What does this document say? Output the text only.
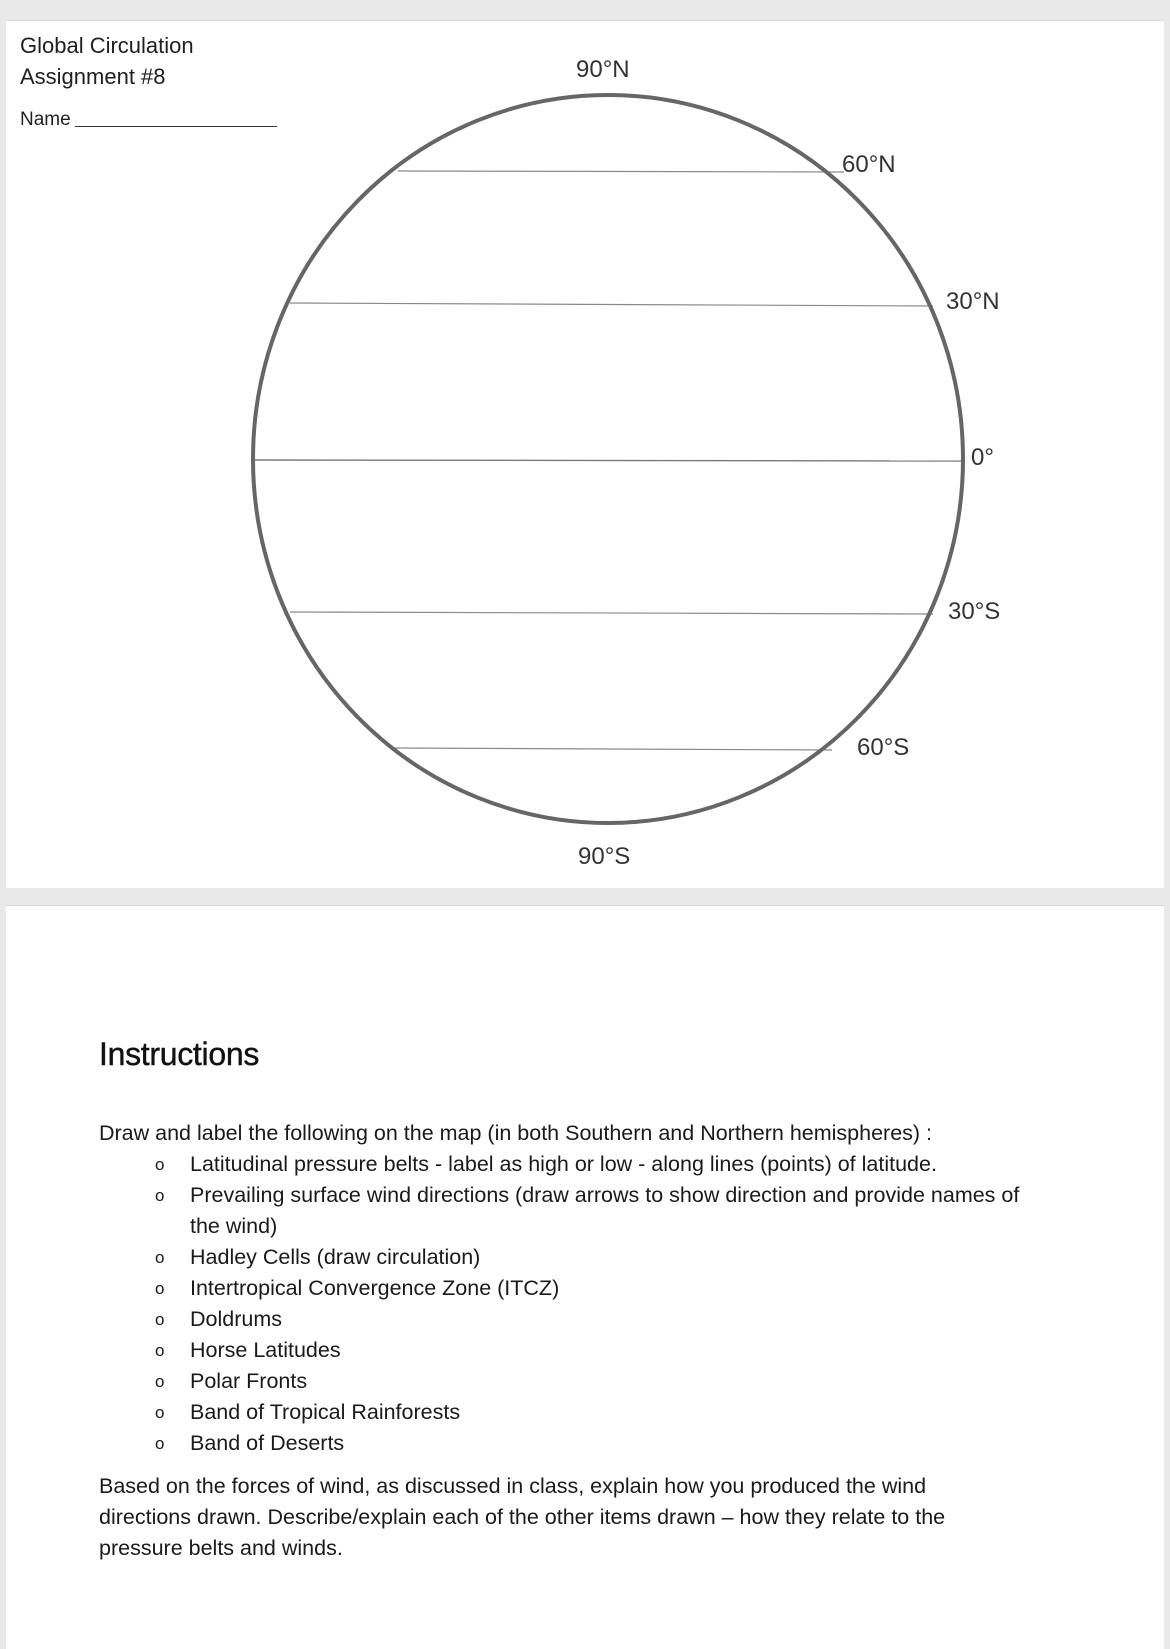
Global Circulation
Assignment #8
Name
90°N
60°N
30°N
0°
30°S
60°S
90°S
Instructions
Draw and label the following on the map (in both Southern and Northern hemispheres) :
o Latitudinal pressure belts - label as high or low - along lines (points) of latitude.
o Prevailing surface wind directions (draw arrows to show direction and provide names of the wind)
o Hadley Cells (draw circulation)
o Intertropical Convergence Zone (ITCZ)
o Doldrums
o Horse Latitudes
o Polar Fronts
o Band of Tropical Rainforests
o Band of Deserts
Based on the forces of wind, as discussed in class, explain how you produced the wind directions drawn. Describe/explain each of the other items drawn – how they relate to the pressure belts and winds.
